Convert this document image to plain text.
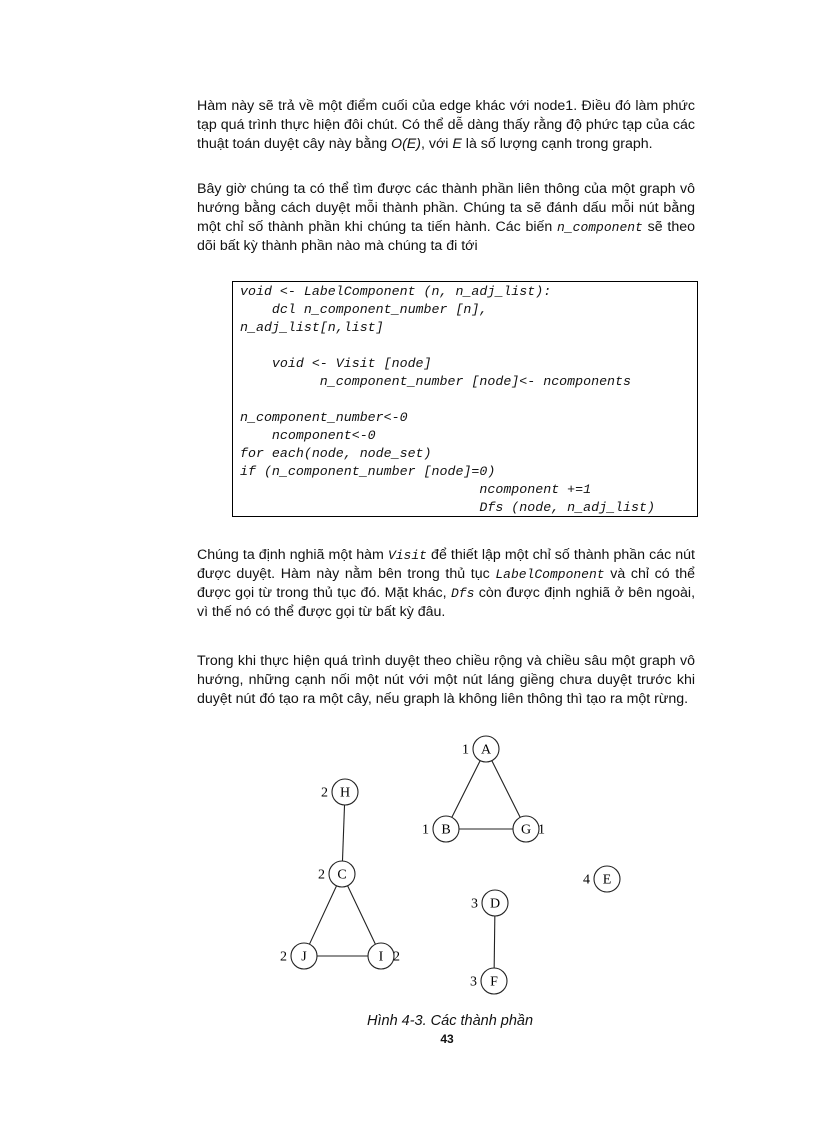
Hàm này sẽ trả về một điểm cuối của edge khác với node1. Điều đó làm phức tạp quá trình thực hiện đôi chút. Có thể dễ dàng thấy rằng độ phức tạp của các thuật toán duyệt cây này bằng O(E), với E là số lượng cạnh trong graph.

Bây giờ chúng ta có thể tìm được các thành phần liên thông của một graph vô hướng bằng cách duyệt mỗi thành phần. Chúng ta sẽ đánh dấu mỗi nút bằng một chỉ số thành phần khi chúng ta tiến hành. Các biến n_component sẽ theo dõi bất kỳ thành phần nào mà chúng ta đi tới

void <- LabelComponent (n, n_adj_list):
dcl n_component_number [n],
n_adj_list[n,list]
void <- Visit [node]
n_component_number [node]<- ncomponents
n_component_number<-0
ncomponent<-0
for each(node, node_set)
if (n_component_number [node]=0)
ncomponent +=1
Dfs (node, n_adj_list)

Chúng ta định nghiã một hàm Visit để thiết lập một chỉ số thành phần các nút được duyệt. Hàm này nằm bên trong thủ tục LabelComponent và chỉ có thể được gọi từ trong thủ tục đó. Mặt khác, Dfs còn được định nghiã ở bên ngoài, vì thế nó có thể được gọi từ bất kỳ đâu.

Trong khi thực hiện quá trình duyệt theo chiều rộng và chiều sâu một graph vô hướng, những cạnh nối một nút với một nút láng giềng chưa duyệt trước khi duyệt nút đó tạo ra một cây, nếu graph là không liên thông thì tạo ra một rừng.

A
1
B
1	G 1
H
2
C
2
J
2	I 2
D
3
F
3
E
4
Hình 4-3. Các thành phần
43
